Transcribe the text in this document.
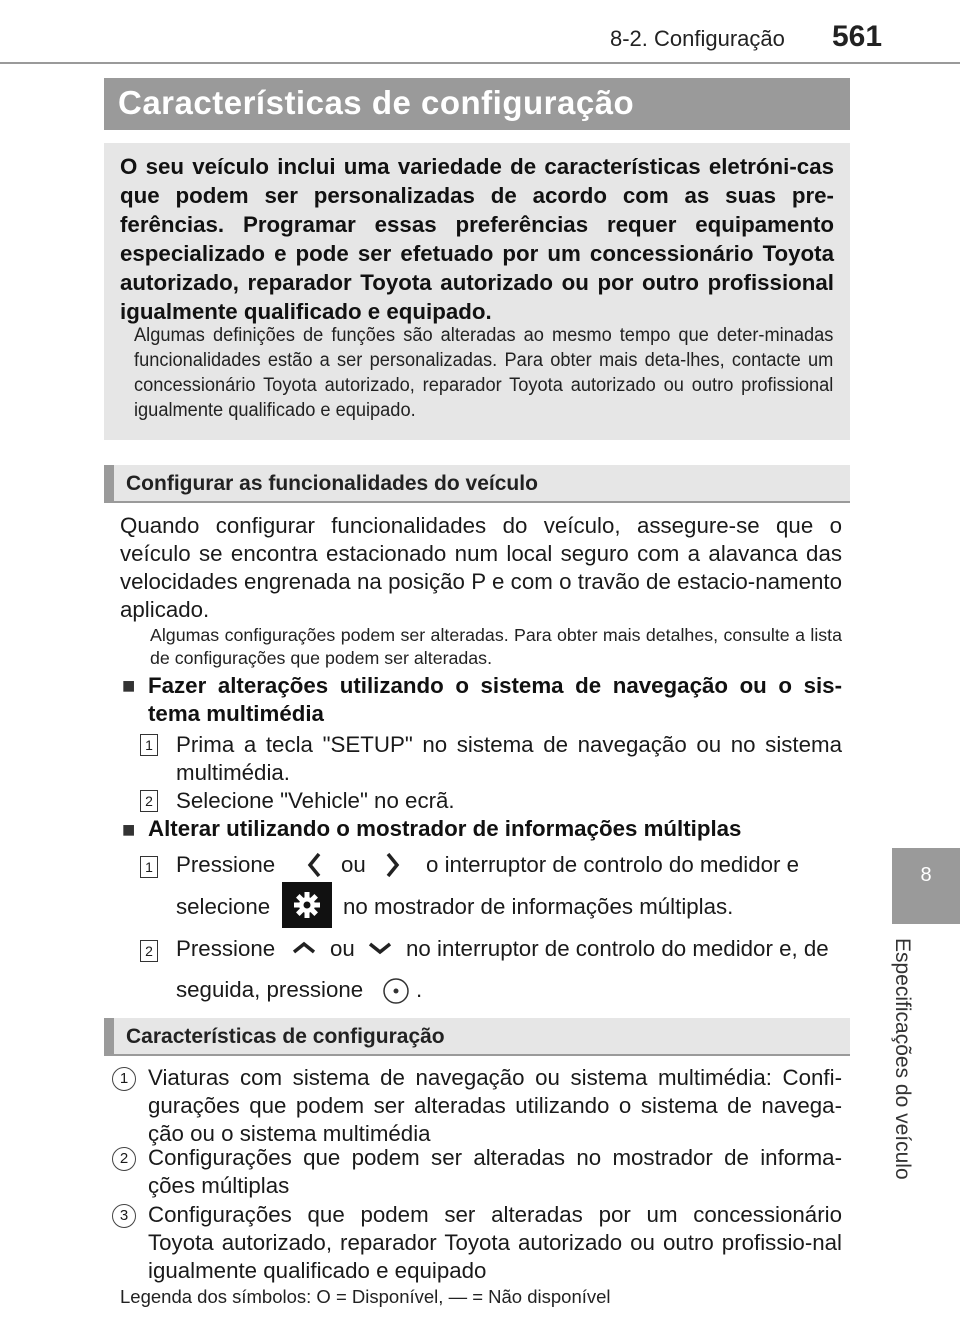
8-2. Configuração 561
8
Especificações do veículo
Características de configuração
O seu veículo inclui uma variedade de características eletróni-cas que podem ser personalizadas de acordo com as suas pre-ferências. Programar essas preferências requer equipamento especializado e pode ser efetuado por um concessionário Toyota autorizado, reparador Toyota autorizado ou por outro profissional igualmente qualificado e equipado.
Algumas definições de funções são alteradas ao mesmo tempo que deter-minadas funcionalidades estão a ser personalizadas. Para obter mais deta-lhes, contacte um concessionário Toyota autorizado, reparador Toyota autorizado ou outro profissional igualmente qualificado e equipado.
Configurar as funcionalidades do veículo
Quando configurar funcionalidades do veículo, assegure-se que o veículo se encontra estacionado num local seguro com a alavanca das velocidades engrenada na posição P e com o travão de estacio-namento aplicado.
Algumas configurações podem ser alteradas. Para obter mais detalhes, consulte a lista de configurações que podem ser alteradas.
■ Fazer alterações utilizando o sistema de navegação ou o sis-tema multimédia
1 Prima a tecla "SETUP" no sistema de navegação ou no sistema multimédia.
2 Selecione "Vehicle" no ecrã.
■ Alterar utilizando o mostrador de informações múltiplas
1 Pressione	ou	o interruptor de controlo do medidor e
selecione	no mostrador de informações múltiplas.
2 Pressione ou no interruptor de controlo do medidor e, de
seguida, pressione .
Características de configuração
1 Viaturas com sistema de navegação ou sistema multimédia: Confi-gurações que podem ser alteradas utilizando o sistema de navega-ção ou o sistema multimédia
2 Configurações que podem ser alteradas no mostrador de informa-ções múltiplas
3 Configurações que podem ser alteradas por um concessionário Toyota autorizado, reparador Toyota autorizado ou outro profissio-nal igualmente qualificado e equipado
Legenda dos símbolos: O = Disponível, — = Não disponível
